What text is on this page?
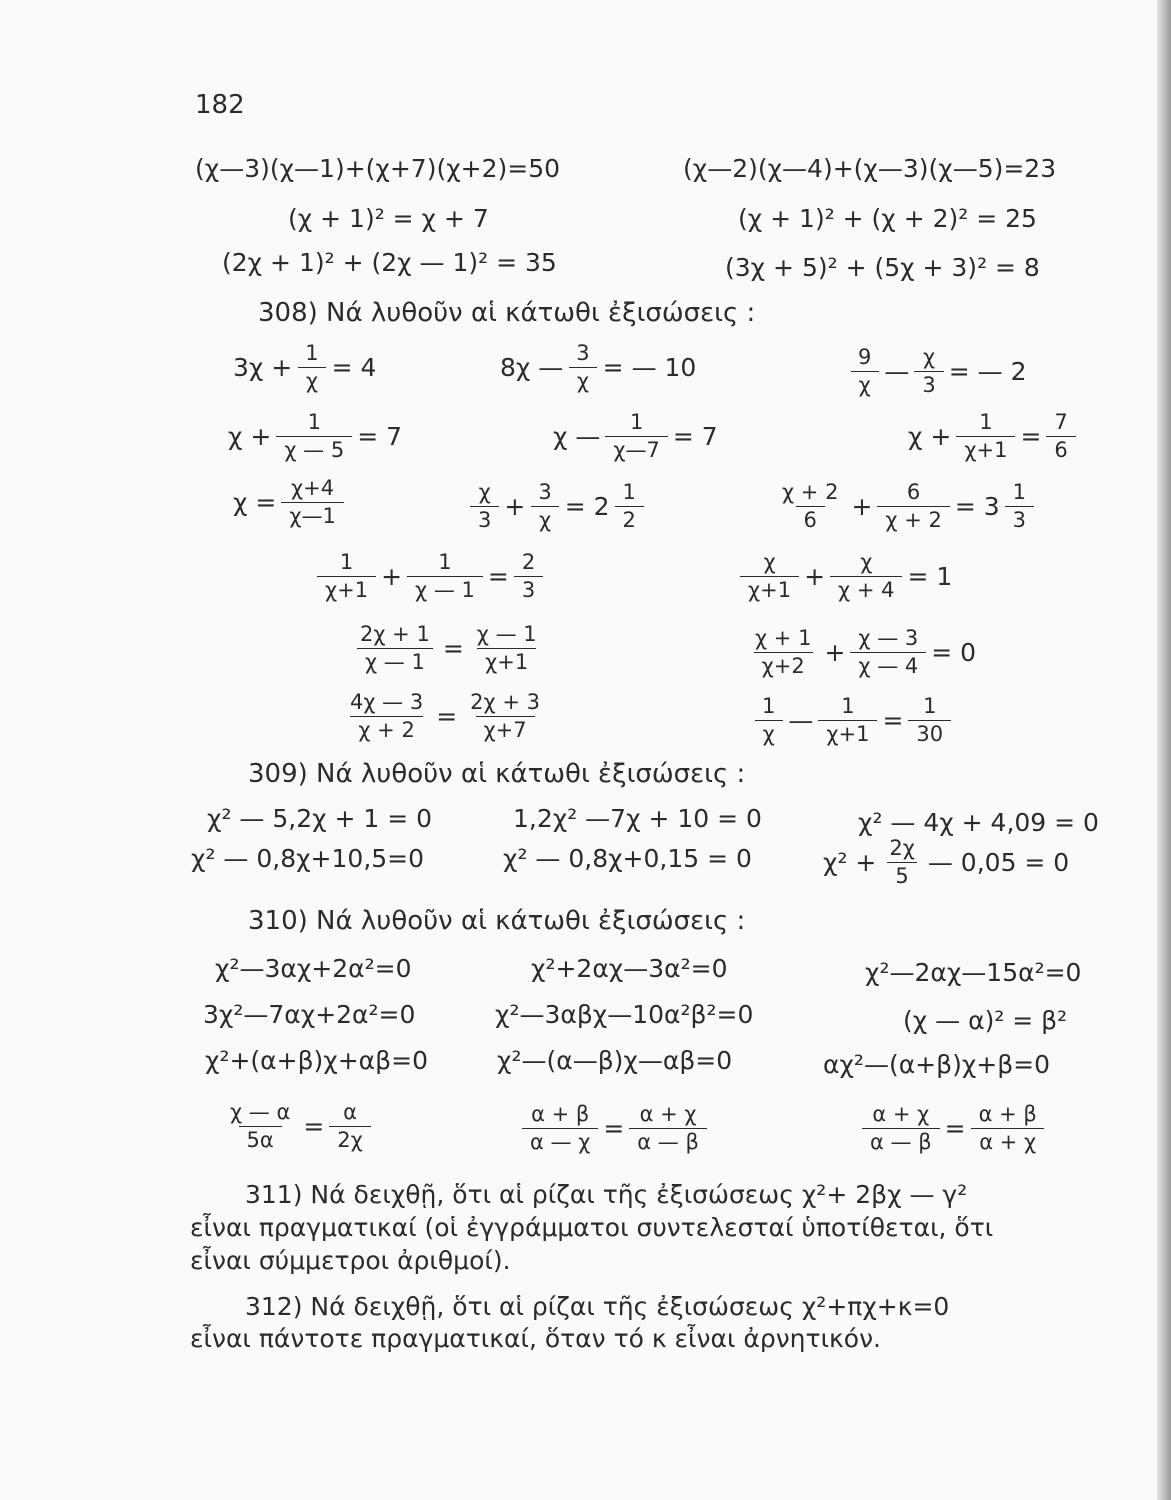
182
(χ—3)(χ—1)+(χ+7)(χ+2)=50	(χ—2)(χ—4)+(χ—3)(χ—5)=23
(χ + 1)² = χ + 7	(χ + 1)² + (χ + 2)² = 25
(2χ + 1)² + (2χ — 1)² = 35	(3χ + 5)² + (5χ + 3)² = 8
308) Νά λυθοῦν αἱ κάτωθι ἐξισώσεις :
$3\chi + \frac{1}{\chi} = 4$	8χ — $\frac{3}{\chi}$ = — 10	$\frac{9}{\chi}$ — $\frac{\chi}{3}$ = — 2
$\chi + \frac{1}{\chi — 5} = 7$	χ — $\frac{1}{\chi—7} = 7$	$\chi + \frac{1}{\chi+1} = \frac{7}{6}$
$\chi = \frac{\chi+4}{\chi—1}$	$\frac{\chi}{3} + \frac{3}{\chi} = 2 \frac{1}{2}$	$\frac{\chi + 2}{6} + \frac{6}{\chi + 2} = 3 \frac{1}{3}$
$\frac{1}{\chi+1} + \frac{1}{\chi — 1} = \frac{2}{3}$	$\frac{\chi}{\chi+1} + \frac{\chi}{\chi + 4} = 1$
$\frac{2\chi + 1}{\chi — 1} = \frac{\chi — 1}{\chi+1}$	$\frac{\chi + 1}{\chi+2} + \frac{\chi — 3}{\chi — 4} = 0$
$\frac{4\chi — 3}{\chi + 2} = \frac{2\chi + 3}{\chi+7}$	$\frac{1}{\chi}$ — $\frac{1}{\chi+1} = \frac{1}{30}$
309) Νά λυθοῦν αἱ κάτωθι ἐξισώσεις :
χ² — 5,2χ + 1 = 0	1,2χ² —7χ + 10 = 0	χ² — 4χ + 4,09 = 0
χ² — 0,8χ+10,5=0	χ² — 0,8χ+0,15 = 0	$\chi^2 + \frac{2\chi}{5}$ — 0,05 = 0
310) Νά λυθοῦν αἱ κάτωθι ἐξισώσεις :
χ²—3αχ+2α²=0	χ²+2αχ—3α²=0	χ²—2αχ—15α²=0
3χ²—7αχ+2α²=0	χ²—3αβχ—10α²β²=0	(χ — α)² = β²
χ²+(α+β)χ+αβ=0	χ²—(α—β)χ—αβ=0	αχ²—(α+β)χ+β=0
$\frac{\chi — \alpha}{5\alpha} = \frac{\alpha}{2\chi}$	$\frac{\alpha + \beta}{\alpha — \chi} = \frac{\alpha + \chi}{\alpha — \beta}$	$\frac{\alpha + \chi}{\alpha — \beta} = \frac{\alpha + \beta}{\alpha + \chi}$
311) Νά δειχθῇ, ὅτι αἱ ρίζαι τῆς ἐξισώσεως χ²+ 2βχ — γ²
εἶναι πραγματικαί (οἱ ἐγγράμματοι συντελεσταί ὑποτίθεται, ὅτι
εἶναι σύμμετροι ἀριθμοί).
312) Νά δειχθῇ, ὅτι αἱ ρίζαι τῆς ἐξισώσεως χ²+πχ+κ=0
εἶναι πάντοτε πραγματικαί, ὅταν τό κ εἶναι ἀρνητικόν.
